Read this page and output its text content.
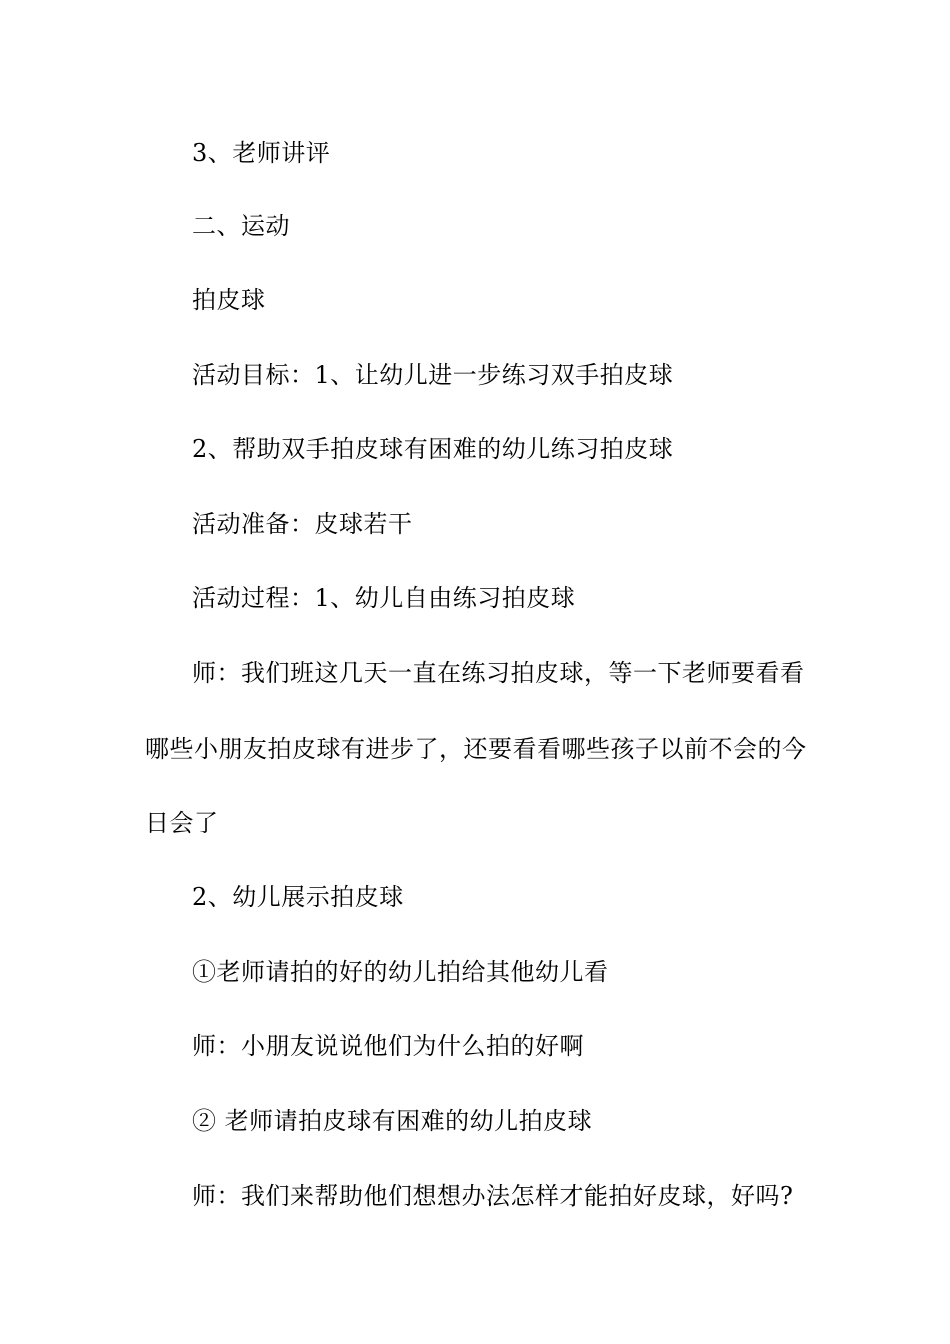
3、老师讲评
二、运动
拍皮球
活动目标：1、让幼儿进一步练习双手拍皮球
2、帮助双手拍皮球有困难的幼儿练习拍皮球
活动准备：皮球若干
活动过程：1、幼儿自由练习拍皮球
师：我们班这几天一直在练习拍皮球，等一下老师要看看
哪些小朋友拍皮球有进步了，还要看看哪些孩子以前不会的今
日会了
2、幼儿展示拍皮球
①老师请拍的好的幼儿拍给其他幼儿看
师：小朋友说说他们为什么拍的好啊
② 老师请拍皮球有困难的幼儿拍皮球
师：我们来帮助他们想想办法怎样才能拍好皮球，好吗?
